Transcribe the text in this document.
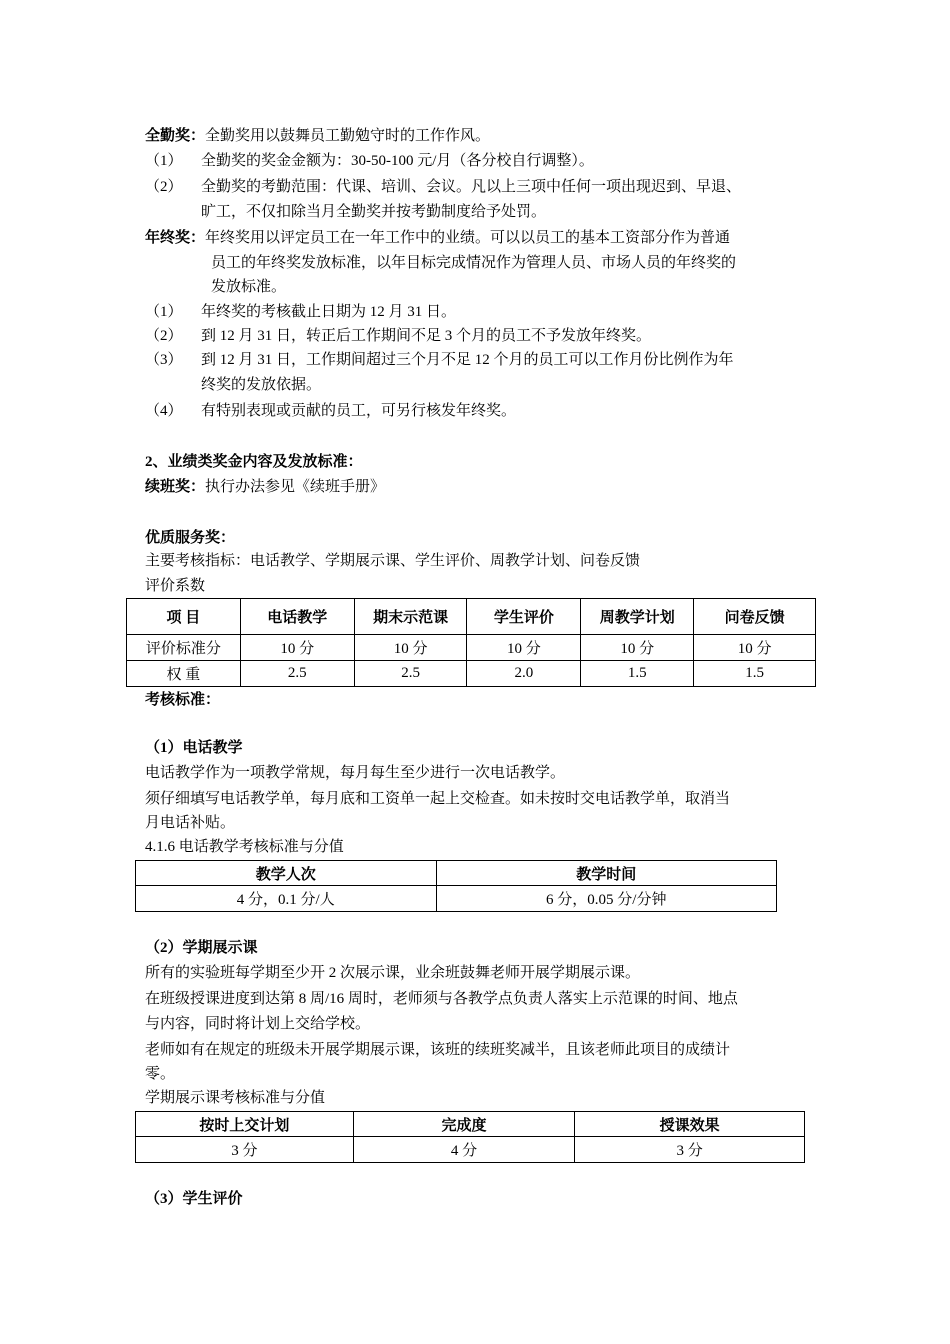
全勤奖：全勤奖用以鼓舞员工勤勉守时的工作作风。
（1） 全勤奖的奖金金额为：30-50-100 元/月（各分校自行调整）。
（2） 全勤奖的考勤范围：代课、培训、会议。凡以上三项中任何一项出现迟到、早退、
旷工，不仅扣除当月全勤奖并按考勤制度给予处罚。
年终奖：年终奖用以评定员工在一年工作中的业绩。可以以员工的基本工资部分作为普通
员工的年终奖发放标准，以年目标完成情况作为管理人员、市场人员的年终奖的
发放标准。
（1） 年终奖的考核截止日期为 12 月 31 日。
（2） 到 12 月 31 日，转正后工作期间不足 3 个月的员工不予发放年终奖。
（3） 到 12 月 31 日，工作期间超过三个月不足 12 个月的员工可以工作月份比例作为年
终奖的发放依据。
（4） 有特别表现或贡献的员工，可另行核发年终奖。
2、业绩类奖金内容及发放标准：
续班奖：执行办法参见《续班手册》
优质服务奖：
主要考核指标：电话教学、学期展示课、学生评价、周教学计划、问卷反馈
评价系数
项 目	电话教学	期末示范课	学生评价	周教学计划	问卷反馈
评价标准分	10 分	10 分	10 分	10 分	10 分
权 重	2.5	2.5	2.0	1.5	1.5
考核标准：
（1）电话教学
电话教学作为一项教学常规，每月每生至少进行一次电话教学。
须仔细填写电话教学单，每月底和工资单一起上交检查。如未按时交电话教学单，取消当
月电话补贴。
4.1.6 电话教学考核标准与分值
教学人次	教学时间
4 分，0.1 分/人	6 分，0.05 分/分钟
（2）学期展示课
所有的实验班每学期至少开 2 次展示课，业余班鼓舞老师开展学期展示课。
在班级授课进度到达第 8 周/16 周时，老师须与各教学点负责人落实上示范课的时间、地点
与内容，同时将计划上交给学校。
老师如有在规定的班级未开展学期展示课，该班的续班奖减半，且该老师此项目的成绩计
零。
学期展示课考核标准与分值
按时上交计划	完成度	授课效果
3 分	4 分	3 分
（3）学生评价
